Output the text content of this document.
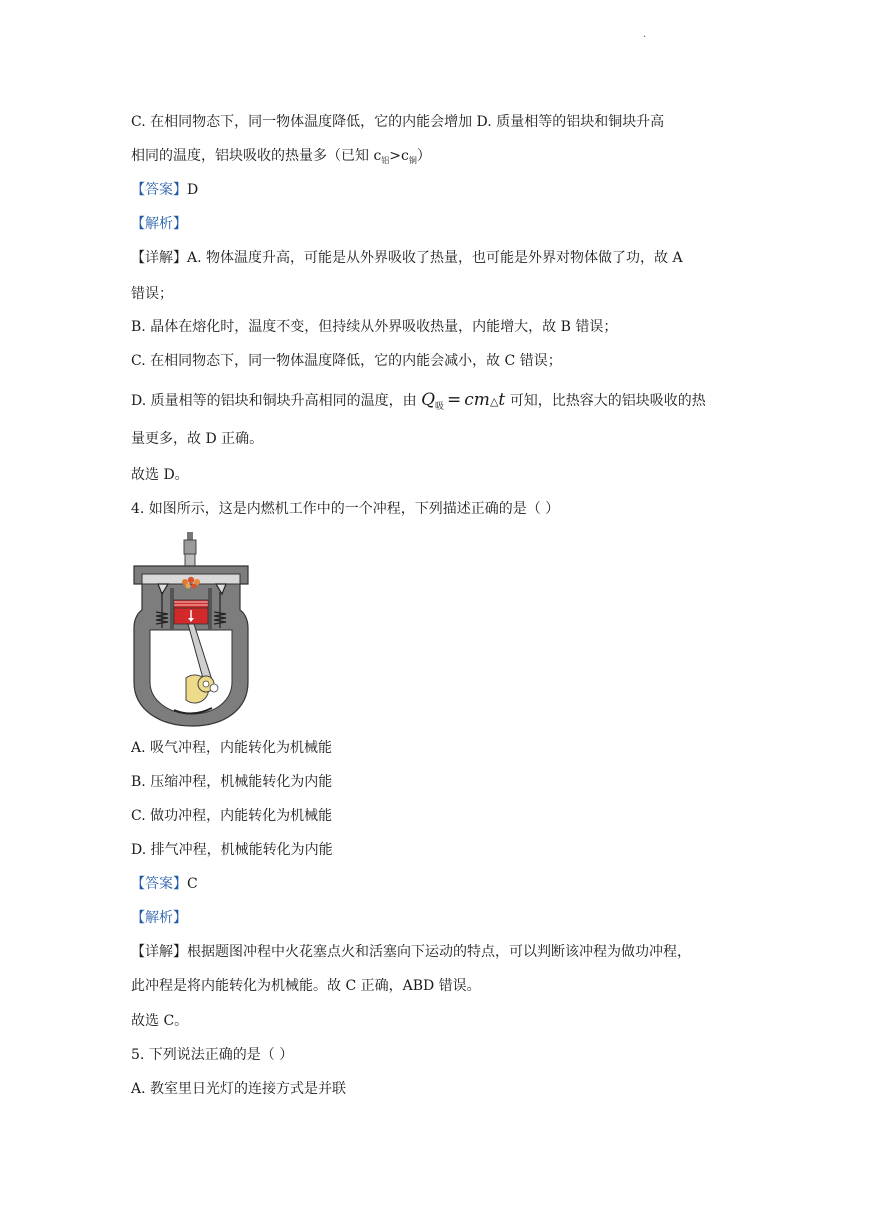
·
C. 在相同物态下，同一物体温度降低，它的内能会增加 D. 质量相等的铝块和铜块升高
相同的温度，铝块吸收的热量多（已知 $c_铝>c_铜$）
【答案】D
【解析】
【详解】A. 物体温度升高，可能是从外界吸收了热量，也可能是外界对物体做了功，故 A
错误；
B. 晶体在熔化时，温度不变，但持续从外界吸收热量，内能增大，故 B 错误；
C. 在相同物态下，同一物体温度降低，它的内能会减小，故 C 错误；
D. 质量相等的铝块和铜块升高相同的温度，由 $Q_吸$ = cm△t 可知，比热容大的铝块吸收的热
量更多，故 D 正确。
故选 D。
4. 如图所示，这是内燃机工作中的一个冲程，下列描述正确的是（ ）
A. 吸气冲程，内能转化为机械能
B. 压缩冲程，机械能转化为内能
C. 做功冲程，内能转化为机械能
D. 排气冲程，机械能转化为内能
【答案】C
【解析】
【详解】根据题图冲程中火花塞点火和活塞向下运动的特点，可以判断该冲程为做功冲程，
此冲程是将内能转化为机械能。故 C 正确，ABD 错误。
故选 C。
5. 下列说法正确的是（ ）
A. 教室里日光灯的连接方式是并联
